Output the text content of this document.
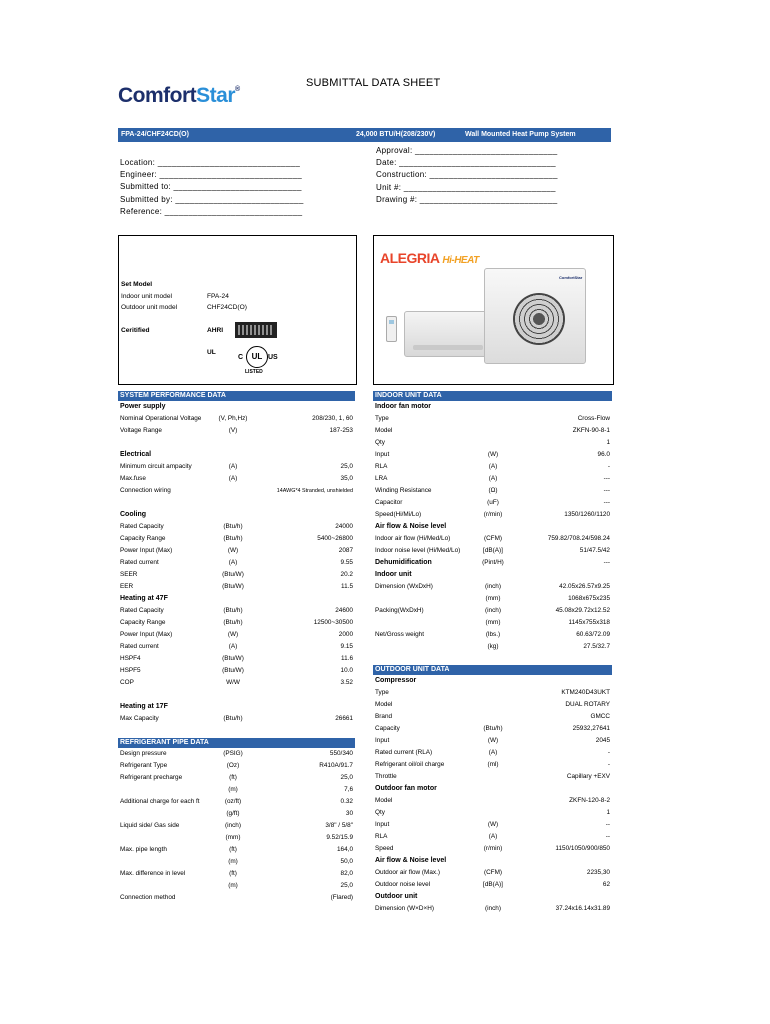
ComfortStar®
SUBMITTAL DATA SHEET
FPA-24/CHF24CD(O)	24,000 BTU/H(208/230V)	Wall Mounted Heat Pump System
Location: ______________________________
Engineer: ______________________________
Submitted to: ___________________________
Submitted by: ___________________________
Reference: _____________________________
Approval: ______________________________
Date: _________________________________
Construction: ___________________________
Unit #: ________________________________
Drawing #: _____________________________
Set Model
Indoor unit model	FPA-24
Outdoor unit model	CHF24CD(O)
Ceritified	AHRI
UL
C	UL US
LISTED
ALEGRIA Hi-HEAT
ComfortStar
SYSTEM PERFORMANCE DATA
Power supply
Nominal Operational Voltage	(V, Ph,Hz)	208/230, 1, 60
Voltage Range	(V)	187-253
Electrical
Minimum circuit ampacity	(A)	25,0
Max.fuse	(A)	35,0
Connection wiring	14AWG*4 Stranded, unshielded
Cooling
Rated Capacity	(Btu/h)	24000
Capacity Range	(Btu/h)	5400~26800
Power Input (Max)	(W)	2087
Rated current	(A)	9.55
SEER	(Btu/W)	20.2
EER	(Btu/W)	11.5
Heating at 47F
Rated Capacity	(Btu/h)	24600
Capacity Range	(Btu/h)	12500~30500
Power Input (Max)	(W)	2000
Rated current	(A)	9.15
HSPF4	(Btu/W)	11.6
HSPF5	(Btu/W)	10.0
COP	W/W	3.52
Heating at 17F
Max Capacity	(Btu/h)	26661
REFRIGERANT PIPE DATA
Design pressure	(PSIG)	550/340
Refrigerant Type	(Oz)	R410A/91.7
Refrigerant precharge	(ft)	25,0
(m)	7,6
Additional charge for each ft	(oz/ft)	0.32
(g/ft)	30
Liquid side/ Gas side	(inch)	3/8" / 5/8"
(mm)	9.52/15.9
Max. pipe length	(ft)	164,0
(m)	50,0
Max. difference in level	(ft)	82,0
(m)	25,0
Connection method	(Flared)
INDOOR UNIT DATA
Indoor fan motor
Type	Cross-Flow
Model	ZKFN-90-8-1
Qty	1
Input	(W)	96.0
RLA	(A)	-
LRA	(A)	---
Winding Resistance	(Ω)	---
Capacitor	(uF)	---
Speed(Hi/Mi/Lo)	(r/min)	1350/1260/1120
Air flow & Noise level
Indoor air flow (Hi/Med/Lo)	(CFM)	759.82/708.24/598.24
Indoor noise level (Hi/Med/Lo)	[dB(A)]	51/47.5/42
Dehumidification	(Pint/H)	---
Indoor unit
Dimension (WxDxH)	(inch)	42.05x26.57x9.25
(mm)	1068x675x235
Packing(WxDxH)	(inch)	45.08x29.72x12.52
(mm)	1145x755x318
Net/Gross weight	(lbs.)	60.63/72.09
(kg)	27.5/32.7
OUTDOOR UNIT DATA
Compressor
Type	KTM240D43UKT
Model	DUAL ROTARY
Brand	GMCC
Capacity	(Btu/h)	25932,27641
Input	(W)	2045
Rated current (RLA)	(A)	-
Refrigerant oil/oil charge	(ml)	-
Throttle	Capillary +EXV
Outdoor fan motor
Model	ZKFN-120-8-2
Qty	1
Input	(W)	--
RLA	(A)	--
Speed	(r/min)	1150/1050/900/850
Air flow & Noise level
Outdoor air flow (Max.)	(CFM)	2235,30
Outdoor noise level	[dB(A)]	62
Outdoor unit
Dimension (W×D×H)	(inch)	37.24x16.14x31.89
